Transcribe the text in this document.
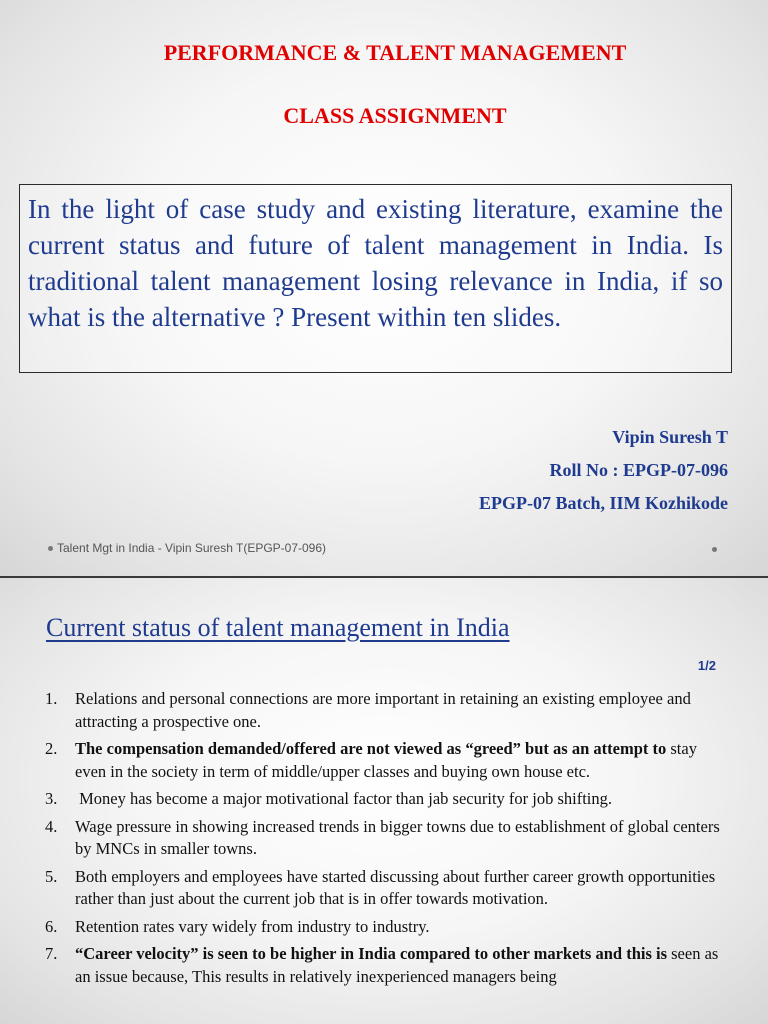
PERFORMANCE & TALENT MANAGEMENT
CLASS ASSIGNMENT

In the light of case study and existing literature, examine the current status and future of talent management in India. Is traditional talent management losing relevance in India, if so what is the alternative ? Present within ten slides.

Vipin Suresh T
Roll No : EPGP-07-096
EPGP-07 Batch, IIM Kozhikode
Talent Mgt in India - Vipin Suresh T(EPGP-07-096)
Current status of talent management in India
1/2
1.	Relations and personal connections are more important in retaining an existing employee and attracting a prospective one.
2.	The compensation demanded/offered are not viewed as “greed” but as an attempt to stay even in the society in term of middle/upper classes and buying own house etc.
3.	Money has become a major motivational factor than jab security for job shifting.
4.	Wage pressure in showing increased trends in bigger towns due to establishment of global centers by MNCs in smaller towns.
5.	Both employers and employees have started discussing about further career growth opportunities rather than just about the current job that is in offer towards motivation.
6.	Retention rates vary widely from industry to industry.
7.	“Career velocity” is seen to be higher in India compared to other markets and this is seen as an issue because, This results in relatively inexperienced managers being
